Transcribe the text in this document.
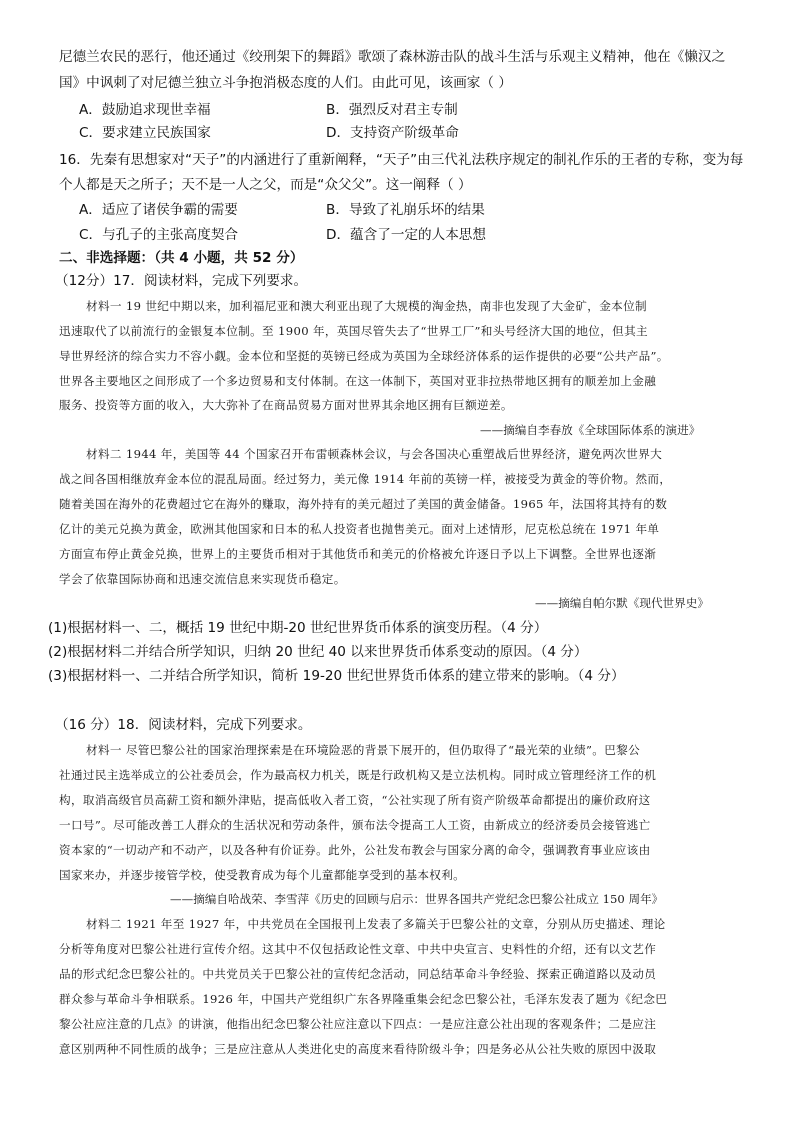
尼德兰农民的恶行，他还通过《绞刑架下的舞蹈》歌颂了森林游击队的战斗生活与乐观主义精神，他在《懒汉之
国》中讽刺了对尼德兰独立斗争抱消极态度的人们。由此可见，该画家（ ）
A．鼓励追求现世幸福	B．强烈反对君主专制
C．要求建立民族国家	D．支持资产阶级革命
16．先秦有思想家对“天子”的内涵进行了重新阐释，“天子”由三代礼法秩序规定的制礼作乐的王者的专称，变为每
个人都是天之所子；天不是一人之父，而是“众父父”。这一阐释（ ）
A．适应了诸侯争霸的需要	B．导致了礼崩乐坏的结果
C．与孔子的主张高度契合	D．蕴含了一定的人本思想
二、非选择题：（共 4 小题，共 52 分）
（12分）17．阅读材料，完成下列要求。
材料一 19 世纪中期以来，加利福尼亚和澳大利亚出现了大规模的淘金热，南非也发现了大金矿，金本位制
迅速取代了以前流行的金银复本位制。至 1900 年，英国尽管失去了“世界工厂”和头号经济大国的地位，但其主
导世界经济的综合实力不容小觑。金本位和坚挺的英镑已经成为英国为全球经济体系的运作提供的必要“公共产品”。
世界各主要地区之间形成了一个多边贸易和支付体制。在这一体制下，英国对亚非拉热带地区拥有的顺差加上金融
服务、投资等方面的收入，大大弥补了在商品贸易方面对世界其余地区拥有巨额逆差。
——摘编自李春放《全球国际体系的演进》
材料二 1944 年，美国等 44 个国家召开布雷顿森林会议，与会各国决心重塑战后世界经济，避免两次世界大
战之间各国相继放弃金本位的混乱局面。经过努力，美元像 1914 年前的英镑一样，被接受为黄金的等价物。然而，
随着美国在海外的花费超过它在海外的赚取，海外持有的美元超过了美国的黄金储备。1965 年，法国将其持有的数
亿计的美元兑换为黄金，欧洲其他国家和日本的私人投资者也抛售美元。面对上述情形，尼克松总统在 1971 年单
方面宣布停止黄金兑换，世界上的主要货币相对于其他货币和美元的价格被允许逐日予以上下调整。全世界也逐渐
学会了依靠国际协商和迅速交流信息来实现货币稳定。
——摘编自帕尔默《现代世界史》
(1)根据材料一、二，概括 19 世纪中期-20 世纪世界货币体系的演变历程。（4 分）
(2)根据材料二并结合所学知识，归纳 20 世纪 40 以来世界货币体系变动的原因。（4 分）
(3)根据材料一、二并结合所学知识，简析 19-20 世纪世界货币体系的建立带来的影响。（4 分）
（16 分）18．阅读材料，完成下列要求。
材料一 尽管巴黎公社的国家治理探索是在环境险恶的背景下展开的，但仍取得了“最光荣的业绩”。巴黎公
社通过民主选举成立的公社委员会，作为最高权力机关，既是行政机构又是立法机构。同时成立管理经济工作的机
构，取消高级官员高薪工资和额外津贴，提高低收入者工资，“公社实现了所有资产阶级革命都提出的廉价政府这
一口号”。尽可能改善工人群众的生活状况和劳动条件，颁布法令提高工人工资，由新成立的经济委员会接管逃亡
资本家的“一切动产和不动产，以及各种有价证券。此外，公社发布教会与国家分离的命令，强调教育事业应该由
国家来办，并逐步接管学校，使受教育成为每个儿童都能享受到的基本权利。
——摘编自哈战荣、李雪萍《历史的回顾与启示：世界各国共产党纪念巴黎公社成立 150 周年》
材料二 1921 年至 1927 年，中共党员在全国报刊上发表了多篇关于巴黎公社的文章，分别从历史描述、理论
分析等角度对巴黎公社进行宣传介绍。这其中不仅包括政论性文章、中共中央宣言、史料性的介绍，还有以文艺作
品的形式纪念巴黎公社的。中共党员关于巴黎公社的宣传纪念活动，同总结革命斗争经验、探索正确道路以及动员
群众参与革命斗争相联系。1926 年，中国共产党组织广东各界隆重集会纪念巴黎公社，毛泽东发表了题为《纪念巴
黎公社应注意的几点》的讲演，他指出纪念巴黎公社应注意以下四点：一是应注意公社出现的客观条件；二是应注
意区别两种不同性质的战争；三是应注意从人类进化史的高度来看待阶级斗争；四是务必从公社失败的原因中汲取
